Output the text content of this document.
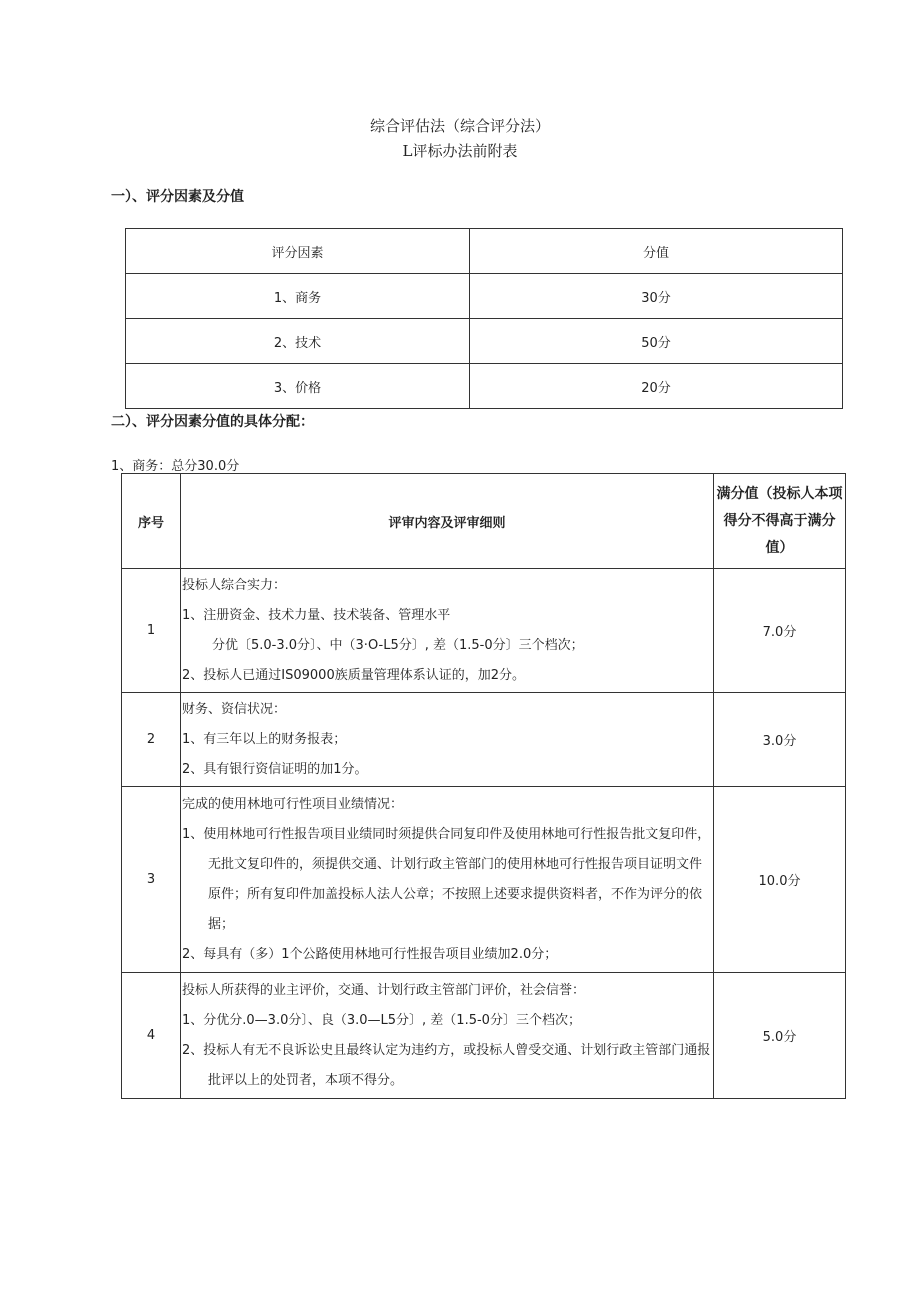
综合评估法（综合评分法）
L评标办法前附表
一）、评分因素及分值
评分因素	分值
1、商务	30分
2、技术	50分
3、价格	20分
二）、评分因素分值的具体分配：
1、商务：总分30.0分
序号	评审内容及评审细则	满分值（投标人本项得分不得高于满分值）
1	投标人综合实力：
1、注册资金、技术力量、技术装备、管理水平
分优〔5.0-3.0分〕、中（3·O-L5分〕, 差（1.5-0分〕三个档次；
2、投标人已通过IS09000族质量管理体系认证的，加2分。	7.0分
2	财务、资信状况：
1、有三年以上的财务报表；
2、具有银行资信证明的加1分。	3.0分
3	完成的使用林地可行性项目业绩情况：
1、使用林地可行性报告项目业绩同时须提供合同复印件及使用林地可行性报告批文复印件，无批文复印件的，须提供交通、计划行政主管部门的使用林地可行性报告项目证明文件原件；所有复印件加盖投标人法人公章；不按照上述要求提供资料者，不作为评分的依据；
2、每具有（多）1个公路使用林地可行性报告项目业绩加2.0分；	10.0分
4	投标人所获得的业主评价，交通、计划行政主管部门评价，社会信誉：
1、分优分.0—3.0分〕、良（3.0—L5分〕, 差（1.5-0分〕三个档次；
2、投标人有无不良诉讼史且最终认定为违约方，或投标人曾受交通、计划行政主管部门通报批评以上的处罚者，本项不得分。	5.0分
